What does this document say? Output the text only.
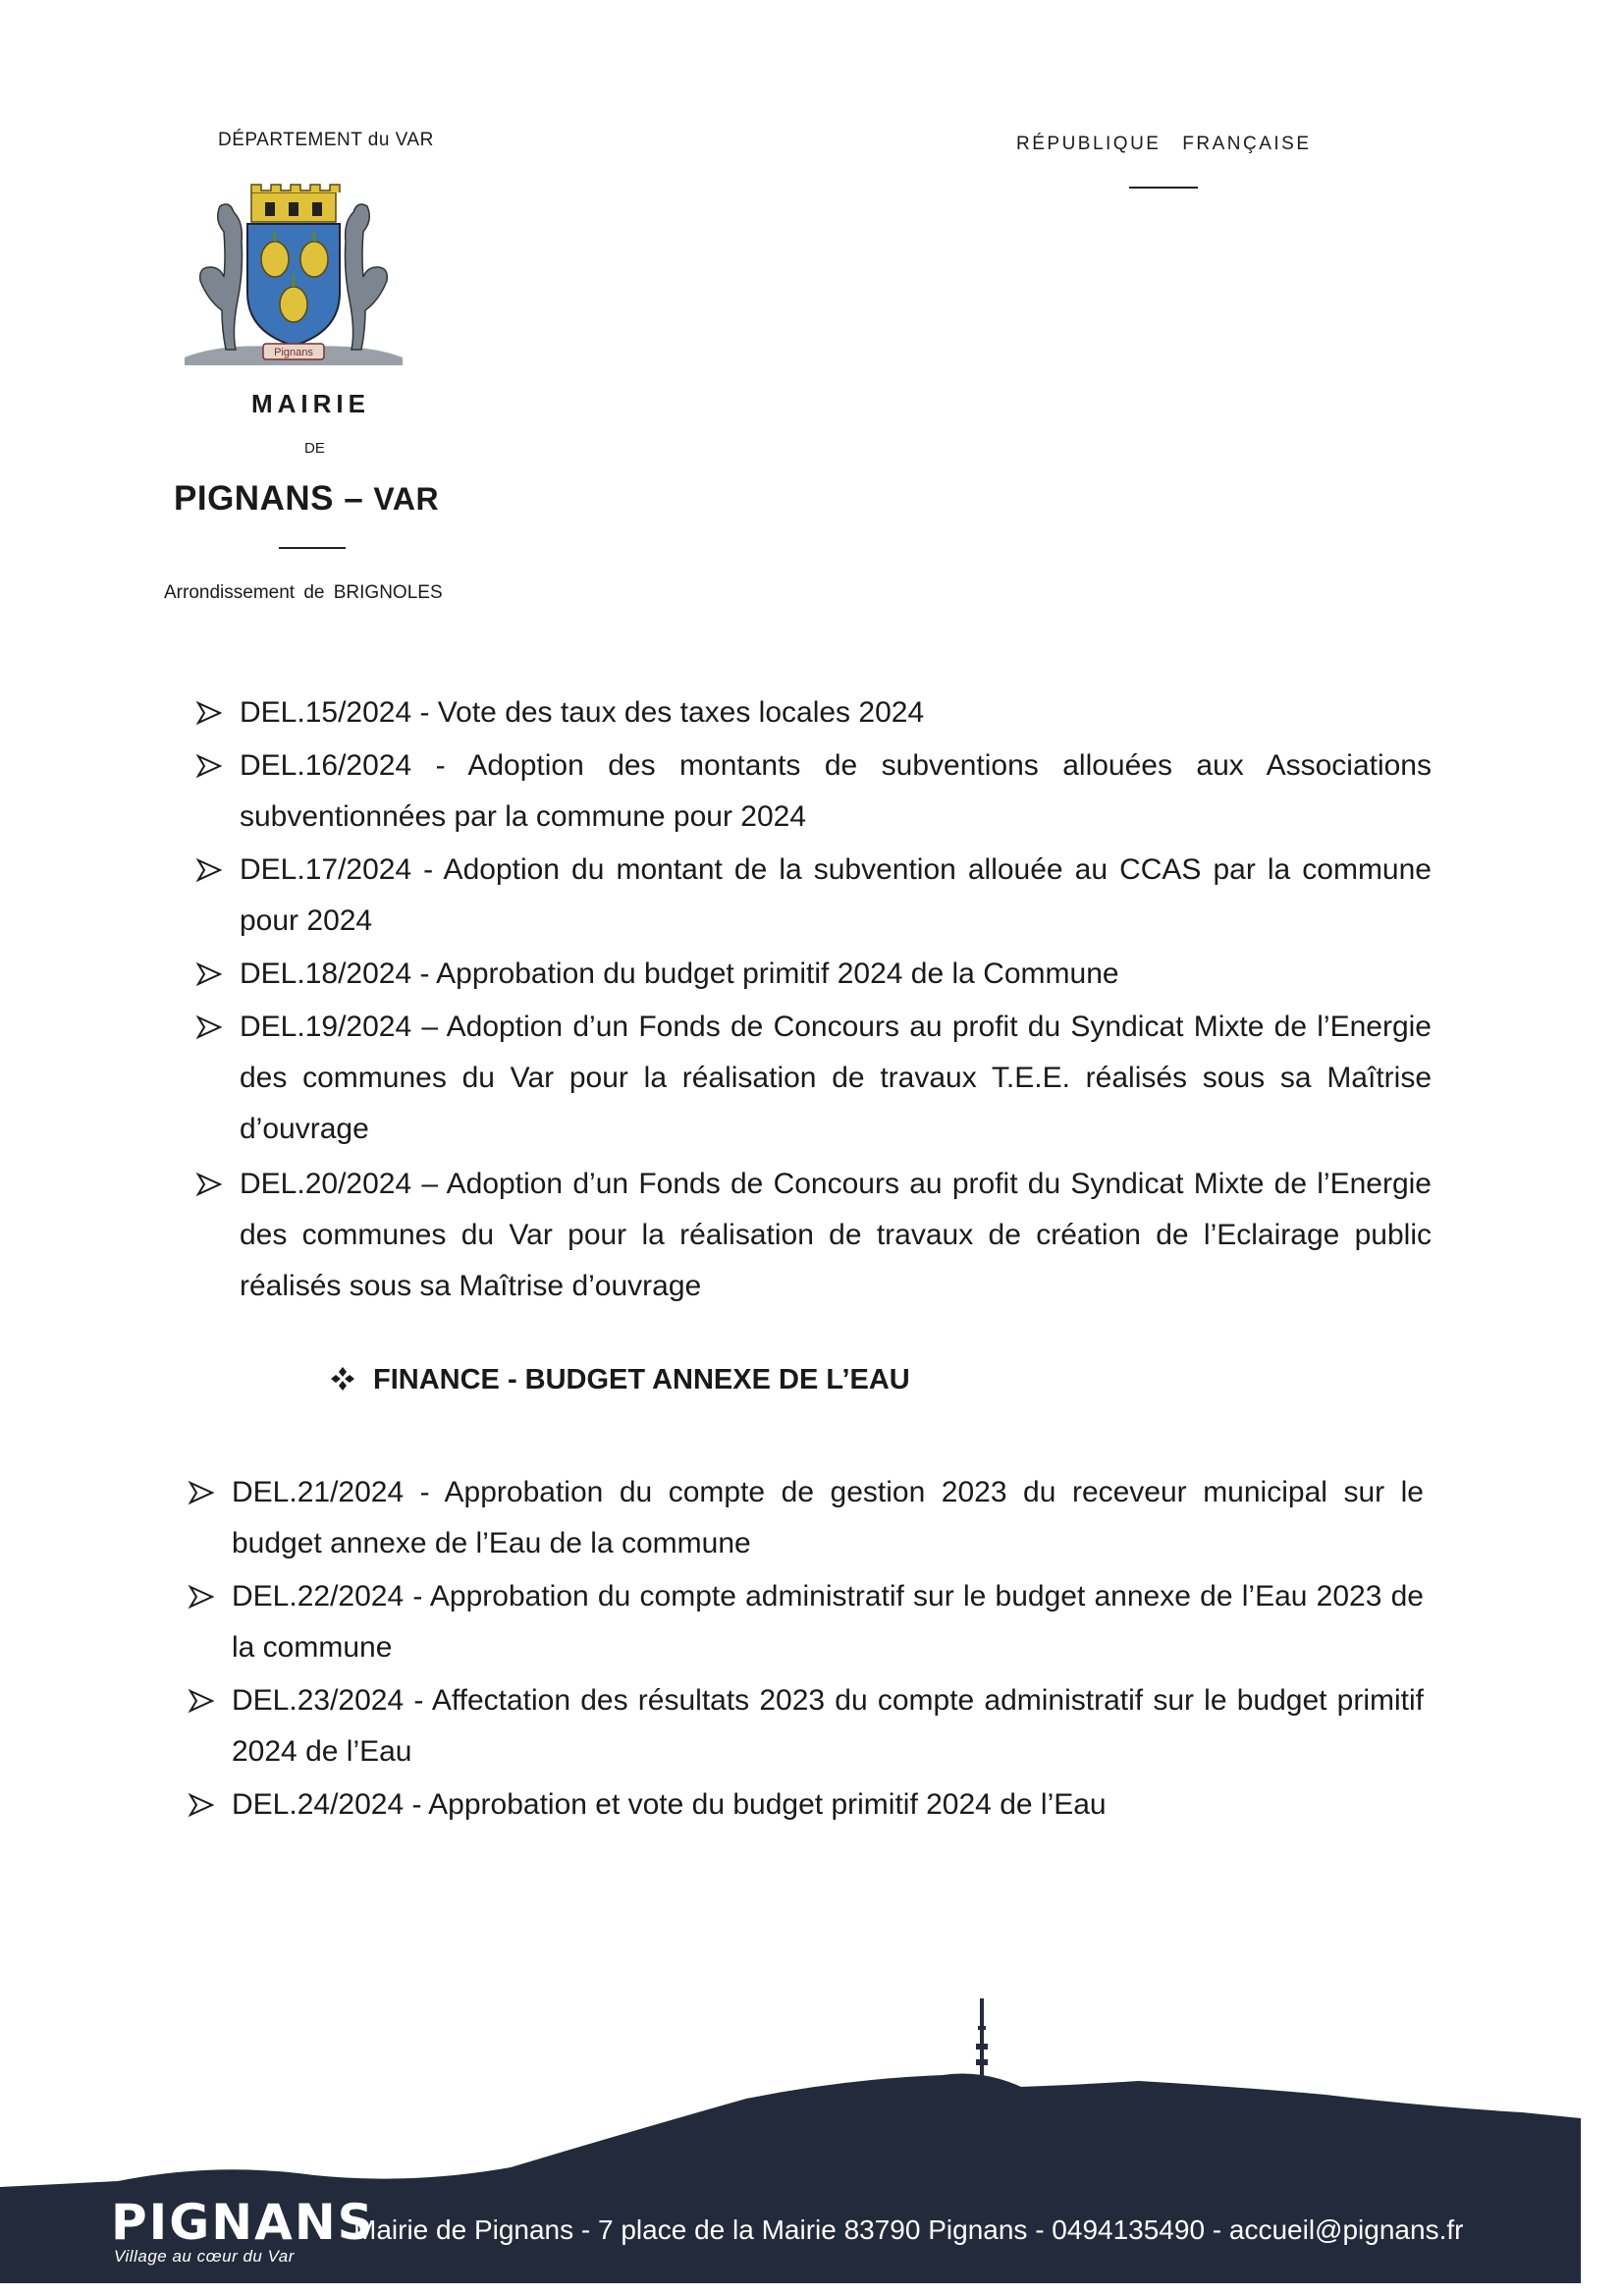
DÉPARTEMENT du VAR	RÉPUBLIQUE FRANÇAISE
Pignans
MAIRIE
DE
PIGNANS – VAR
Arrondissement de BRIGNOLES
DEL.15/2024 - Vote des taux des taxes locales 2024
DEL.16/2024 - Adoption des montants de subventions allouées aux Associations subventionnées par la commune pour 2024
DEL.17/2024 - Adoption du montant de la subvention allouée au CCAS par la commune pour 2024
DEL.18/2024 - Approbation du budget primitif 2024 de la Commune
DEL.19/2024 – Adoption d’un Fonds de Concours au profit du Syndicat Mixte de l’Energie des communes du Var pour la réalisation de travaux T.E.E. réalisés sous sa Maîtrise d’ouvrage
DEL.20/2024 – Adoption d’un Fonds de Concours au profit du Syndicat Mixte de l’Energie des communes du Var pour la réalisation de travaux de création de l’Eclairage public réalisés sous sa Maîtrise d’ouvrage
FINANCE - BUDGET ANNEXE DE L’EAU
DEL.21/2024 - Approbation du compte de gestion 2023 du receveur municipal sur le budget annexe de l’Eau de la commune
DEL.22/2024 - Approbation du compte administratif sur le budget annexe de l’Eau 2023 de la commune
DEL.23/2024 - Affectation des résultats 2023 du compte administratif sur le budget primitif 2024 de l’Eau
DEL.24/2024 - Approbation et vote du budget primitif 2024 de l’Eau
PIGNANS
Village au cœur du Var
Mairie de Pignans - 7 place de la Mairie 83790 Pignans - 0494135490 - accueil@pignans.fr
